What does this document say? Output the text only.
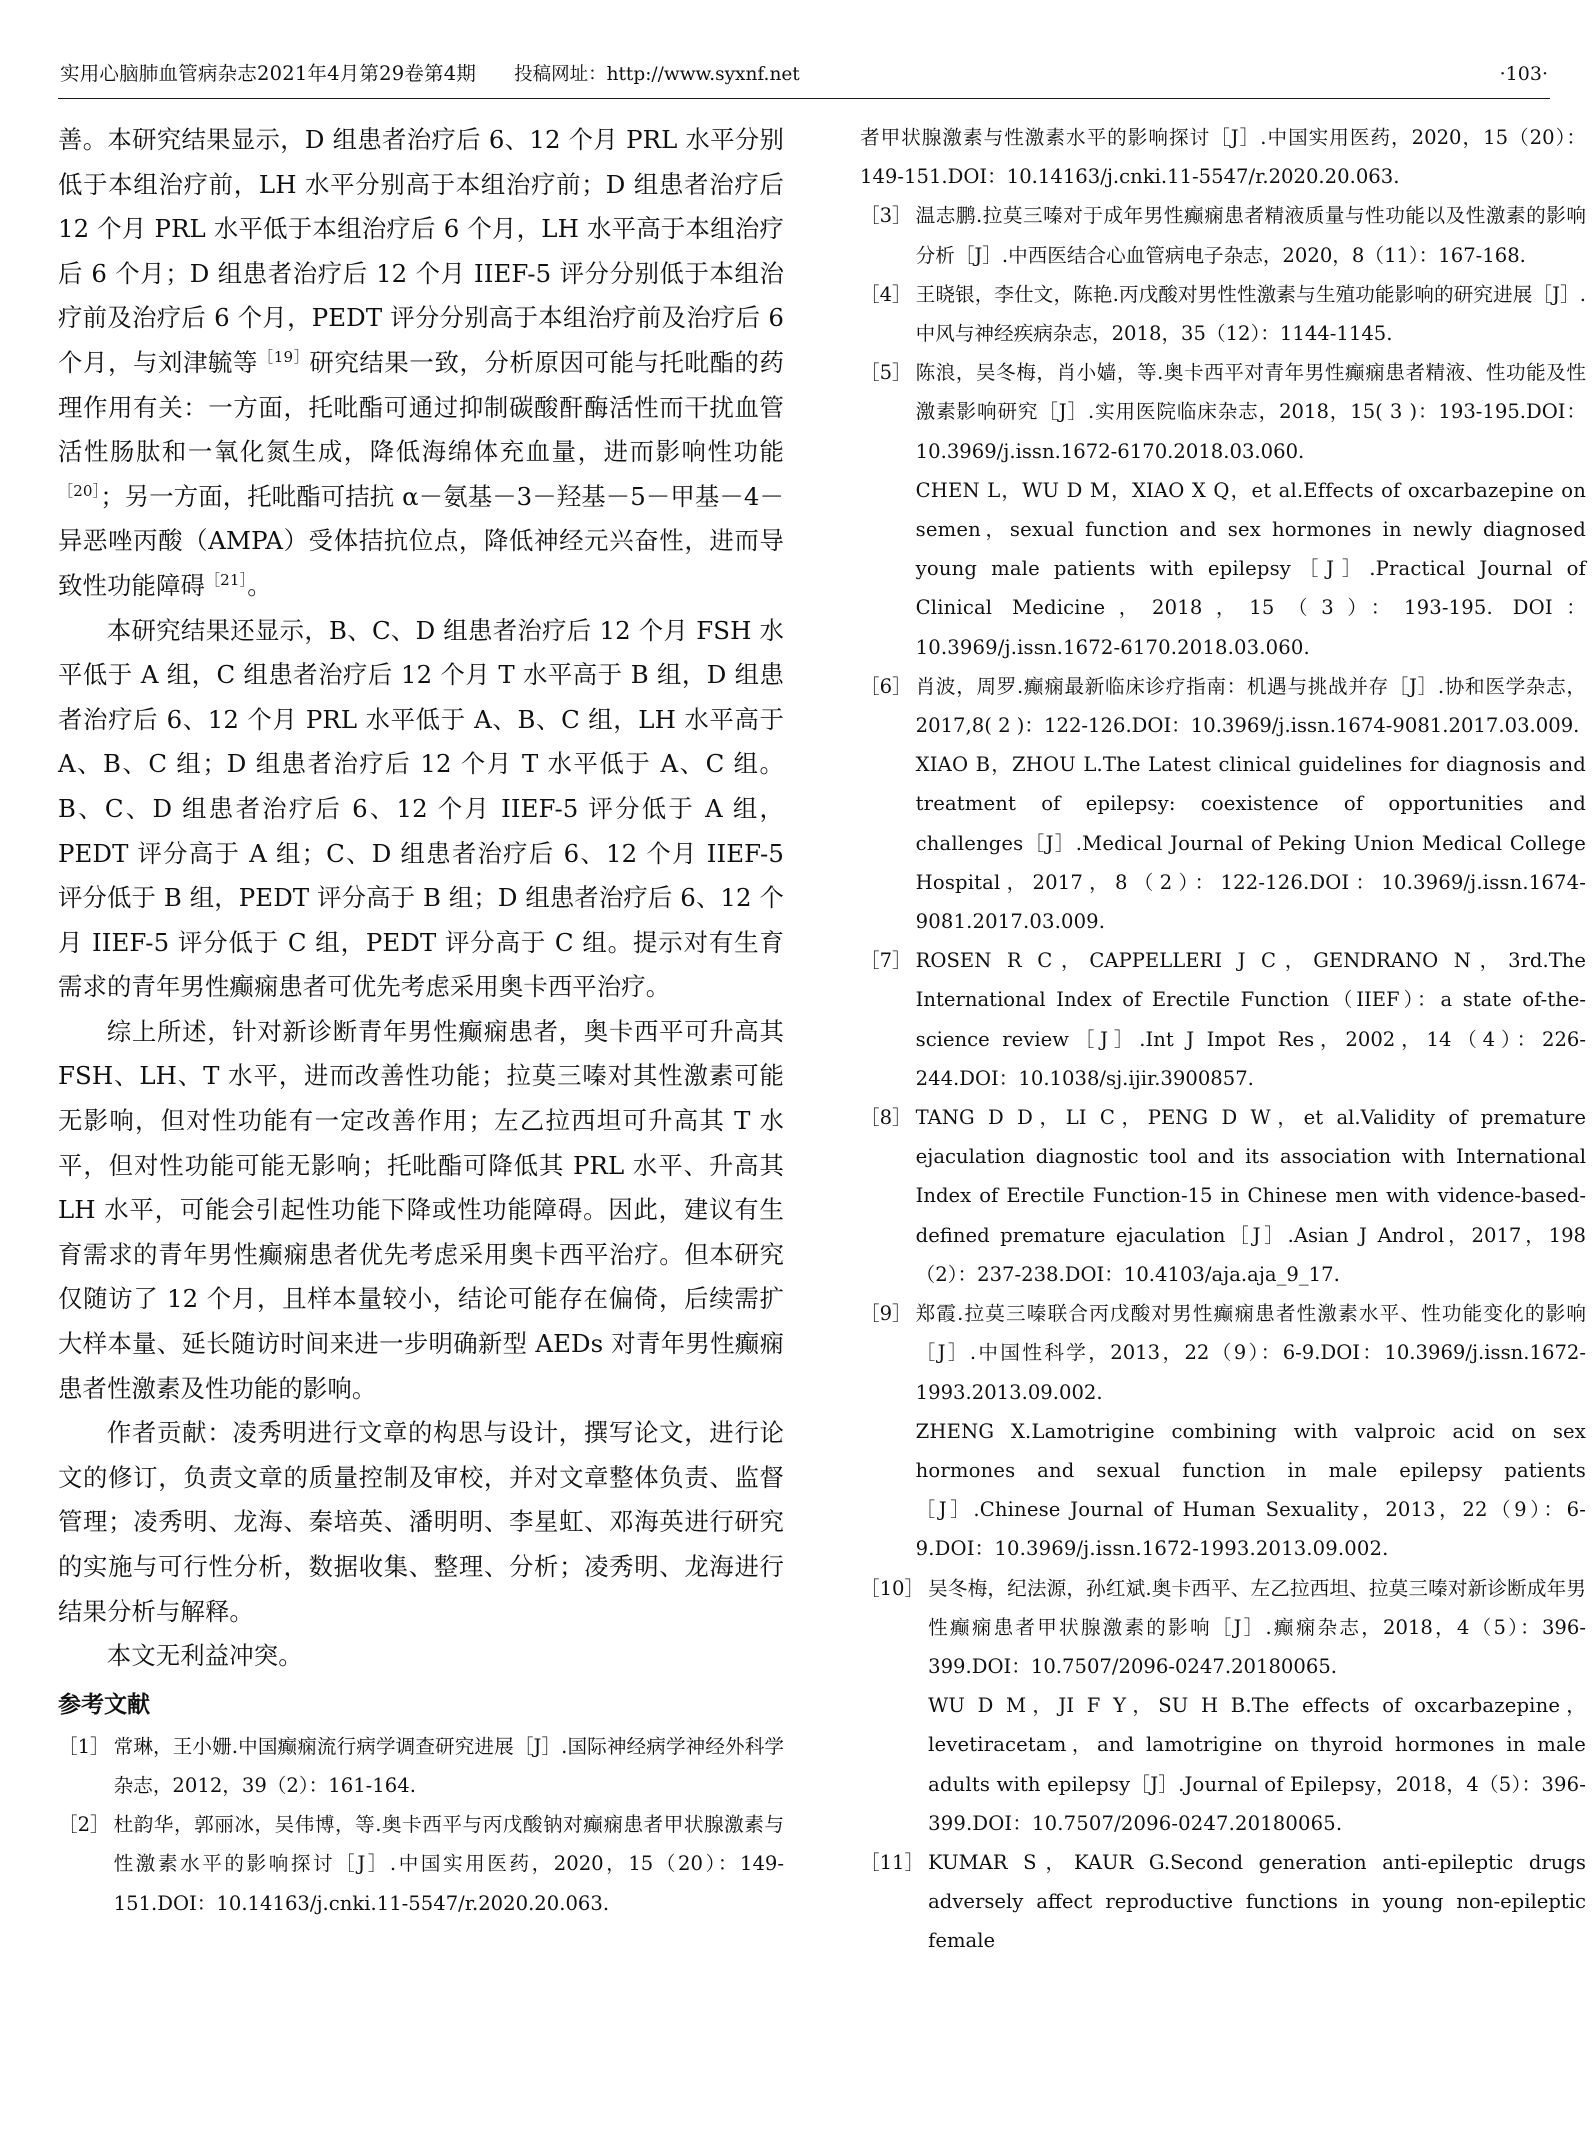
实用心脑肺血管病杂志2021年4月第29卷第4期 投稿网址：http://www.syxnf.net	·103·

善。本研究结果显示，D 组患者治疗后 6、12 个月 PRL 水平分别低于本组治疗前，LH 水平分别高于本组治疗前；D 组患者治疗后 12 个月 PRL 水平低于本组治疗后 6 个月，LH 水平高于本组治疗后 6 个月；D 组患者治疗后 12 个月 IIEF-5 评分分别低于本组治疗前及治疗后 6 个月，PEDT 评分分别高于本组治疗前及治疗后 6 个月，与刘津毓等$^{[19]}$研究结果一致，分析原因可能与托吡酯的药理作用有关：一方面，托吡酯可通过抑制碳酸酐酶活性而干扰血管活性肠肽和一氧化氮生成，降低海绵体充血量，进而影响性功能$^{[20]}$；另一方面，托吡酯可拮抗 α－氨基－3－羟基－5－甲基－4－异恶唑丙酸（AMPA）受体拮抗位点，降低神经元兴奋性，进而导致性功能障碍$^{[21]}$。

本研究结果还显示，B、C、D 组患者治疗后 12 个月 FSH 水平低于 A 组，C 组患者治疗后 12 个月 T 水平高于 B 组，D 组患者治疗后 6、12 个月 PRL 水平低于 A、B、C 组，LH 水平高于 A、B、C 组；D 组患者治疗后 12 个月 T 水平低于 A、C 组。B、C、D 组患者治疗后 6、12 个月 IIEF-5 评分低于 A 组，PEDT 评分高于 A 组；C、D 组患者治疗后 6、12 个月 IIEF-5 评分低于 B 组，PEDT 评分高于 B 组；D 组患者治疗后 6、12 个月 IIEF-5 评分低于 C 组，PEDT 评分高于 C 组。提示对有生育需求的青年男性癫痫患者可优先考虑采用奥卡西平治疗。

综上所述，针对新诊断青年男性癫痫患者，奥卡西平可升高其 FSH、LH、T 水平，进而改善性功能；拉莫三嗪对其性激素可能无影响，但对性功能有一定改善作用；左乙拉西坦可升高其 T 水平，但对性功能可能无影响；托吡酯可降低其 PRL 水平、升高其 LH 水平，可能会引起性功能下降或性功能障碍。因此，建议有生育需求的青年男性癫痫患者优先考虑采用奥卡西平治疗。但本研究仅随访了 12 个月，且样本量较小，结论可能存在偏倚，后续需扩大样本量、延长随访时间来进一步明确新型 AEDs 对青年男性癫痫患者性激素及性功能的影响。

作者贡献：凌秀明进行文章的构思与设计，撰写论文，进行论文的修订，负责文章的质量控制及审校，并对文章整体负责、监督管理；凌秀明、龙海、秦培英、潘明明、李星虹、邓海英进行研究的实施与可行性分析，数据收集、整理、分析；凌秀明、龙海进行结果分析与解释。

本文无利益冲突。

参考文献
［1］ 常琳，王小姗.中国癫痫流行病学调查研究进展［J］.国际神经病学神经外科学杂志，2012，39（2）：161-164.
［2］ 杜韵华，郭丽冰，吴伟博，等.奥卡西平与丙戊酸钠对癫痫患者甲状腺激素与性激素水平的影响探讨［J］.中国实用医药，2020，15（20）：149-151.DOI：10.14163/j.cnki.11-5547/r.2020.20.063.
者甲状腺激素与性激素水平的影响探讨［J］.中国实用医药，2020，15（20）：149-151.DOI：10.14163/j.cnki.11-5547/r.2020.20.063.
［3］ 温志鹏.拉莫三嗪对于成年男性癫痫患者精液质量与性功能以及性激素的影响分析［J］.中西医结合心血管病电子杂志，2020，8（11）：167-168.
［4］ 王晓银，李仕文，陈艳.丙戊酸对男性性激素与生殖功能影响的研究进展［J］.中风与神经疾病杂志，2018，35（12）：1144-1145.
［5］ 陈浪，吴冬梅，肖小嫱，等.奥卡西平对青年男性癫痫患者精液、性功能及性激素影响研究［J］.实用医院临床杂志，2018，15( 3 )：193-195.DOI：10.3969/j.issn.1672-6170.2018.03.060.
CHEN L，WU D M，XIAO X Q，et al.Effects of oxcarbazepine on semen，sexual function and sex hormones in newly diagnosed young male patients with epilepsy［J］.Practical Journal of Clinical Medicine，2018，15（3）：193-195. DOI：10.3969/j.issn.1672-6170.2018.03.060.
［6］ 肖波，周罗.癫痫最新临床诊疗指南：机遇与挑战并存［J］.协和医学杂志，2017,8( 2 )：122-126.DOI：10.3969/j.issn.1674-9081.2017.03.009.
XIAO B，ZHOU L.The Latest clinical guidelines for diagnosis and treatment of epilepsy: coexistence of opportunities and challenges［J］.Medical Journal of Peking Union Medical College Hospital，2017，8（2）：122-126.DOI：10.3969/j.issn.1674-9081.2017.03.009.
［7］ ROSEN R C，CAPPELLERI J C，GENDRANO N，3rd.The International Index of Erectile Function（IIEF）：a state of-the-science review［J］.Int J Impot Res，2002，14（4）：226-244.DOI：10.1038/sj.ijir.3900857.
［8］ TANG D D，LI C，PENG D W，et al.Validity of premature ejaculation diagnostic tool and its association with International Index of Erectile Function-15 in Chinese men with vidence-based-defined premature ejaculation［J］.Asian J Androl，2017，198（2）：237-238.DOI：10.4103/aja.aja_9_17.
［9］ 郑霞.拉莫三嗪联合丙戊酸对男性癫痫患者性激素水平、性功能变化的影响［J］.中国性科学，2013，22（9）：6-9.DOI：10.3969/j.issn.1672-1993.2013.09.002.
ZHENG X.Lamotrigine combining with valproic acid on sex hormones and sexual function in male epilepsy patients［J］.Chinese Journal of Human Sexuality，2013，22（9）：6-9.DOI：10.3969/j.issn.1672-1993.2013.09.002.
［10］ 吴冬梅，纪法源，孙红斌.奥卡西平、左乙拉西坦、拉莫三嗪对新诊断成年男性癫痫患者甲状腺激素的影响［J］.癫痫杂志，2018，4（5）：396-399.DOI：10.7507/2096-0247.20180065.
WU D M，JI F Y，SU H B.The effects of oxcarbazepine，levetiracetam，and lamotrigine on thyroid hormones in male adults with epilepsy［J］.Journal of Epilepsy，2018，4（5）：396-399.DOI：10.7507/2096-0247.20180065.
［11］ KUMAR S，KAUR G.Second generation anti-epileptic drugs adversely affect reproductive functions in young non-epileptic female
